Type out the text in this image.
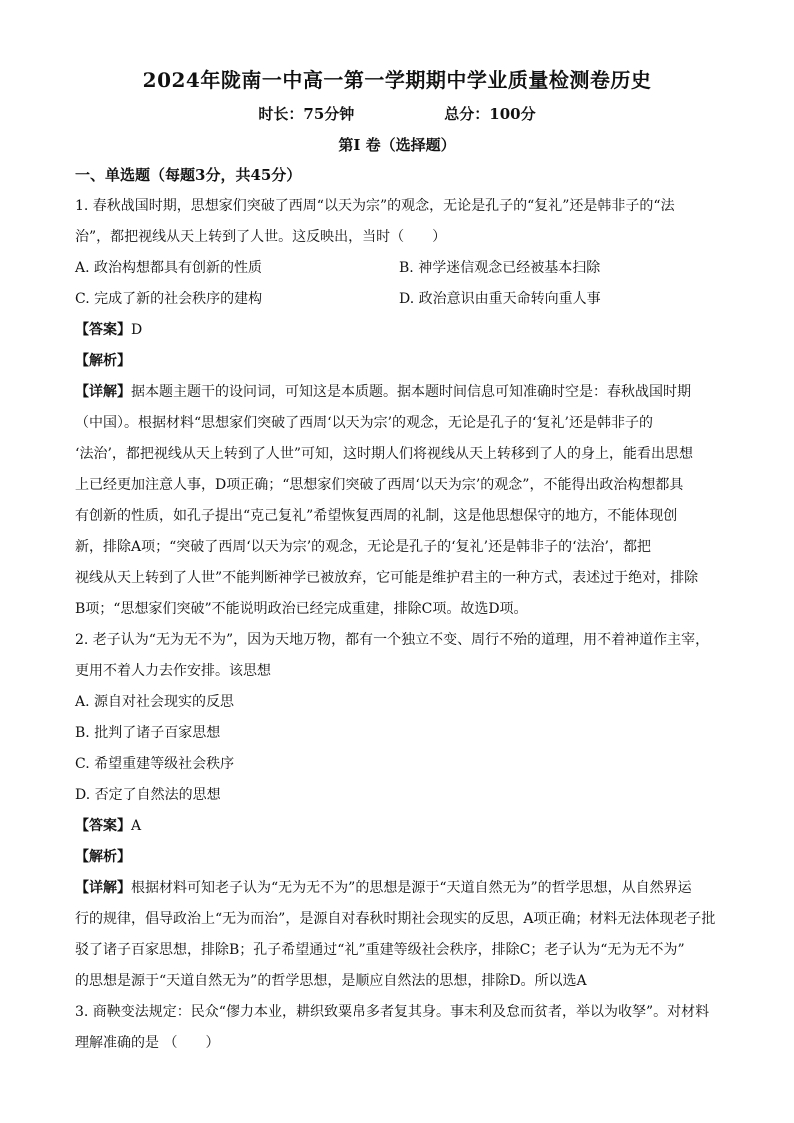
2024年陇南一中高一第一学期期中学业质量检测卷历史
时长：75分钟	总分：100分
第Ⅰ 卷（选择题）
一、单选题（每题3分，共45分）

1. 春秋战国时期，思想家们突破了西周“以天为宗”的观念，无论是孔子的“复礼”还是韩非子的“法

治”，都把视线从天上转到了人世。这反映出，当时（　　）

A. 政治构想都具有创新的性质	B. 神学迷信观念已经被基本扫除
C. 完成了新的社会秩序的建构	D. 政治意识由重天命转向重人事
【答案】D
【解析】

【详解】据本题主题干的设问词，可知这是本质题。据本题时间信息可知准确时空是：春秋战国时期

（中国）。根据材料“思想家们突破了西周‘以天为宗’的观念，无论是孔子的‘复礼’还是韩非子的

‘法治’，都把视线从天上转到了人世”可知，这时期人们将视线从天上转移到了人的身上，能看出思想

上已经更加注意人事，D项正确；“思想家们突破了西周‘以天为宗’的观念”，不能得出政治构想都具

有创新的性质，如孔子提出“克己复礼”希望恢复西周的礼制，这是他思想保守的地方，不能体现创

新，排除A项；“突破了西周‘以天为宗’的观念，无论是孔子的‘复礼’还是韩非子的‘法治’，都把

视线从天上转到了人世”不能判断神学已被放弃，它可能是维护君主的一种方式，表述过于绝对，排除

B项；“思想家们突破”不能说明政治已经完成重建，排除C项。故选D项。

2. 老子认为“无为无不为”，因为天地万物，都有一个独立不变、周行不殆的道理，用不着神道作主宰，

更用不着人力去作安排。该思想

A. 源自对社会现实的反思
B. 批判了诸子百家思想
C. 希望重建等级社会秩序
D. 否定了自然法的思想
【答案】A
【解析】

【详解】根据材料可知老子认为“无为无不为”的思想是源于“天道自然无为”的哲学思想，从自然界运

行的规律，倡导政治上“无为而治”，是源自对春秋时期社会现实的反思，A项正确；材料无法体现老子批

驳了诸子百家思想，排除B；孔子希望通过“礼”重建等级社会秩序，排除C；老子认为“无为无不为”

的思想是源于“天道自然无为”的哲学思想，是顺应自然法的思想，排除D。所以选A

3. 商鞅变法规定：民众“僇力本业，耕织致粟帛多者复其身。事末利及怠而贫者，举以为收孥”。对材料

理解准确的是 （　　）
